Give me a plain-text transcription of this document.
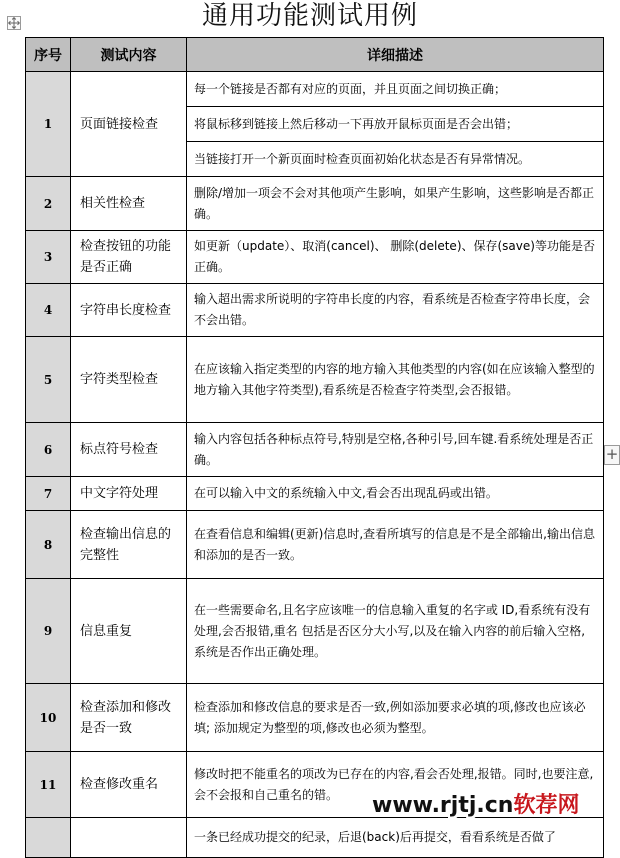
通用功能测试用例
序号	测试内容	详细描述
1	页面链接检查	每一个链接是否都有对应的页面，并且页面之间切换正确；
		将鼠标移到链接上然后移动一下再放开鼠标页面是否会出错；
		当链接打开一个新页面时检查页面初始化状态是否有异常情况。
2	相关性检查	删除/增加一项会不会对其他项产生影响，如果产生影响，这些影响是否都正确。
3	检查按钮的功能是否正确	如更新（update）、取消(cancel)、 删除(delete)、保存(save)等功能是否正确。
4	字符串长度检查	输入超出需求所说明的字符串长度的内容，看系统是否检查字符串长度，会不会出错。
5	字符类型检查	在应该输入指定类型的内容的地方输入其他类型的内容(如在应该输入整型的地方输入其他字符类型),看系统是否检查字符类型,会否报错。
6	标点符号检查	输入内容包括各种标点符号,特别是空格,各种引号,回车键.看系统处理是否正确。
7	中文字符处理	在可以输入中文的系统输入中文,看会否出现乱码或出错。
8	检查输出信息的完整性	在查看信息和编辑(更新)信息时,查看所填写的信息是不是全部输出,输出信息和添加的是否一致。
9	信息重复	在一些需要命名,且名字应该唯一的信息输入重复的名字或 ID,看系统有没有处理,会否报错,重名 包括是否区分大小写,以及在输入内容的前后输入空格,系统是否作出正确处理。
10	检查添加和修改是否一致	检查添加和修改信息的要求是否一致,例如添加要求必填的项,修改也应该必填; 添加规定为整型的项,修改也必须为整型。
11	检查修改重名	修改时把不能重名的项改为已存在的内容,看会否处理,报错。同时,也要注意,会不会报和自己重名的错。
		一条已经成功提交的纪录，后退(back)后再提交，看看系统是否做了
+
www.rjtj.cn软荐网
